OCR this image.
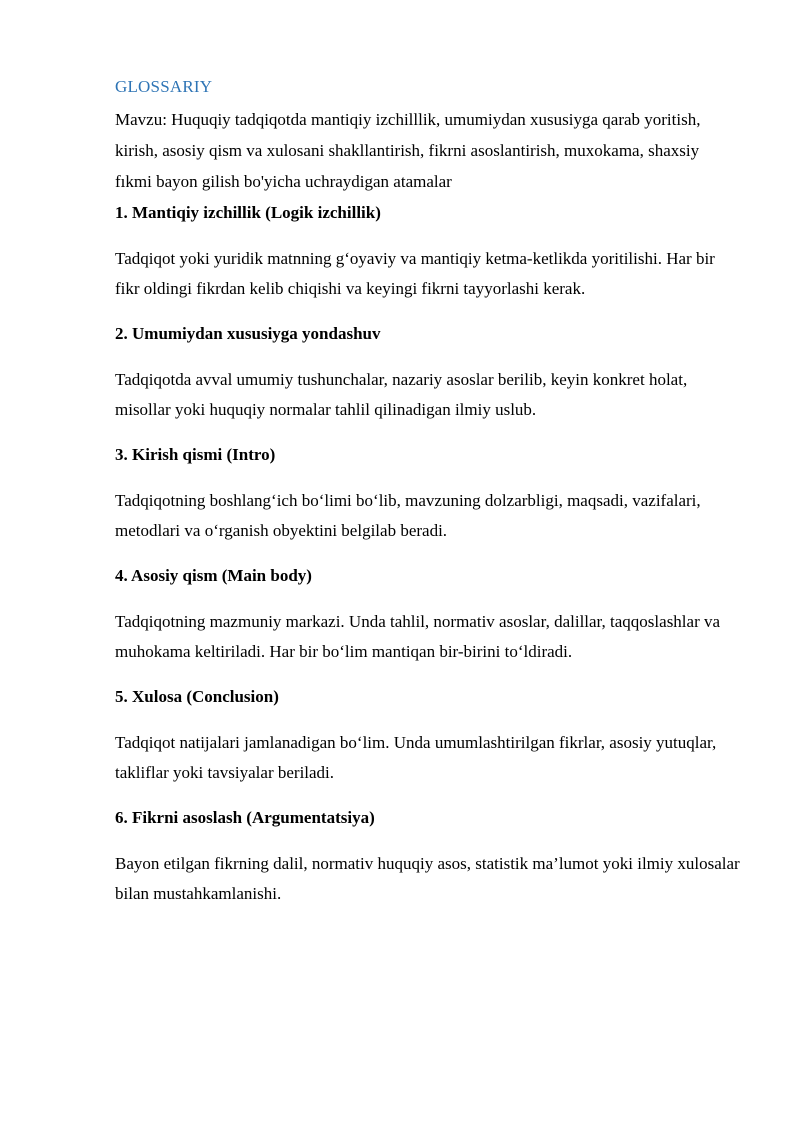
GLOSSARIY
Mavzu: Huquqiy tadqiqotda mantiqiy izchilllik, umumiydan xususiyga qarab yoritish, kirish, asosiy qism va xulosani shakllantirish, fikrni asoslantirish, muxokama, shaxsiy fıkmi bayon gilish bo'yicha uchraydigan atamalar
1. Mantiqiy izchillik (Logik izchillik)
Tadqiqot yoki yuridik matnning g‘oyaviy va mantiqiy ketma-ketlikda yoritilishi. Har bir fikr oldingi fikrdan kelib chiqishi va keyingi fikrni tayyorlashi kerak.
2. Umumiydan xususiyga yondashuv
Tadqiqotda avval umumiy tushunchalar, nazariy asoslar berilib, keyin konkret holat, misollar yoki huquqiy normalar tahlil qilinadigan ilmiy uslub.
3. Kirish qismi (Intro)
Tadqiqotning boshlang‘ich bo‘limi bo‘lib, mavzuning dolzarbligi, maqsadi, vazifalari, metodlari va o‘rganish obyektini belgilab beradi.
4. Asosiy qism (Main body)
Tadqiqotning mazmuniy markazi. Unda tahlil, normativ asoslar, dalillar, taqqoslashlar va muhokama keltiriladi. Har bir bo‘lim mantiqan bir-birini to‘ldiradi.
5. Xulosa (Conclusion)
Tadqiqot natijalari jamlanadigan bo‘lim. Unda umumlashtirilgan fikrlar, asosiy yutuqlar, takliflar yoki tavsiyalar beriladi.
6. Fikrni asoslash (Argumentatsiya)
Bayon etilgan fikrning dalil, normativ huquqiy asos, statistik ma’lumot yoki ilmiy xulosalar bilan mustahkamlanishi.
